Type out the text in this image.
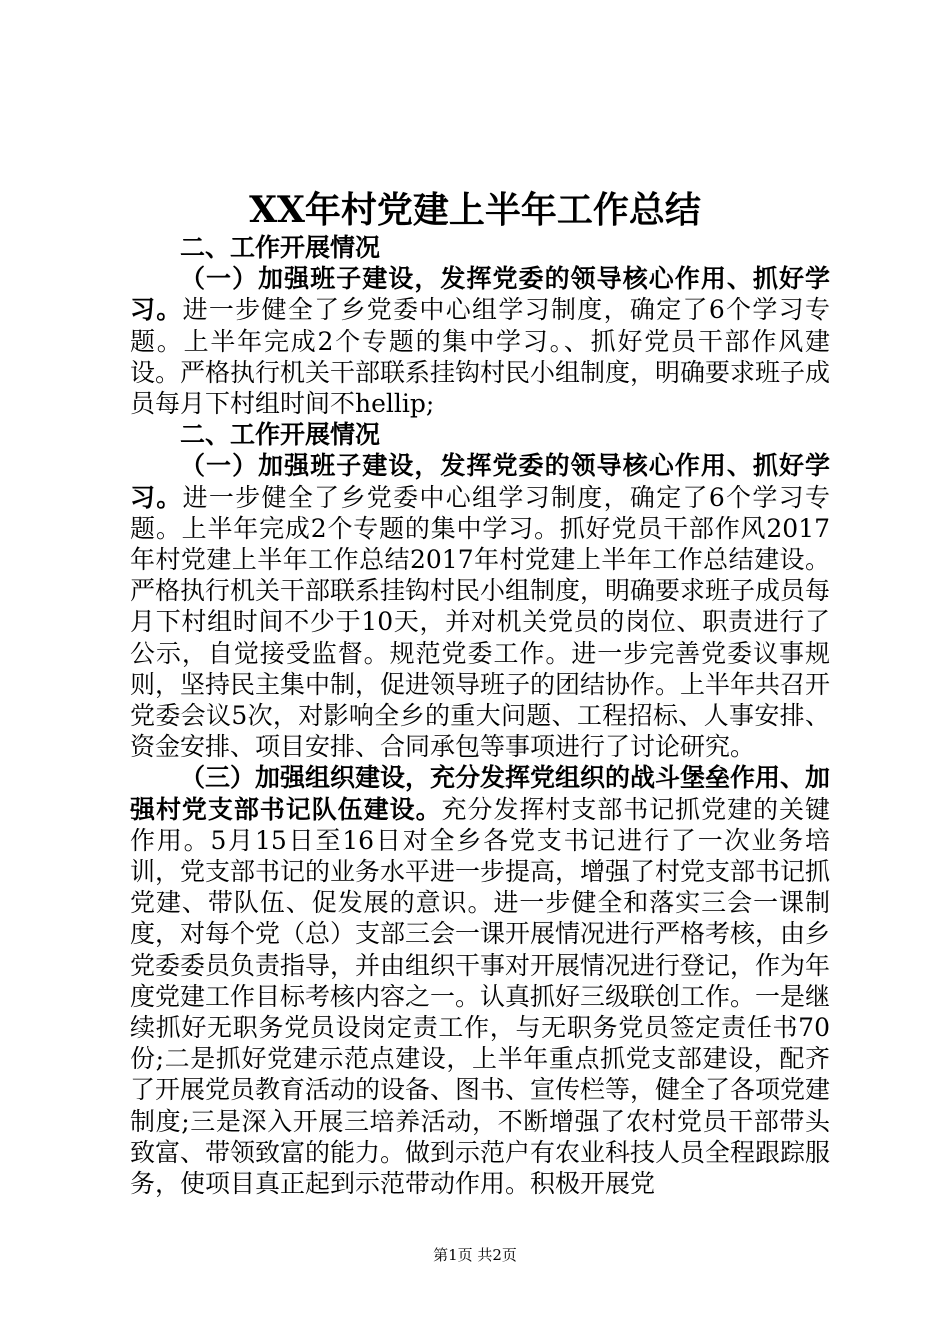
XX年村党建上半年工作总结

二、工作开展情况

（一）加强班子建设，发挥党委的领导核心作用、抓好学习。进一步健全了乡党委中心组学习制度，确定了6个学习专题。上半年完成2个专题的集中学习。、抓好党员干部作风建设。严格执行机关干部联系挂钩村民小组制度，明确要求班子成员每月下村组时间不hellip;

二、工作开展情况

（一）加强班子建设，发挥党委的领导核心作用、抓好学习。进一步健全了乡党委中心组学习制度，确定了6个学习专题。上半年完成2个专题的集中学习。抓好党员干部作风2017年村党建上半年工作总结2017年村党建上半年工作总结建设。严格执行机关干部联系挂钩村民小组制度，明确要求班子成员每月下村组时间不少于10天，并对机关党员的岗位、职责进行了公示，自觉接受监督。规范党委工作。进一步完善党委议事规则，坚持民主集中制，促进领导班子的团结协作。上半年共召开党委会议5次，对影响全乡的重大问题、工程招标、人事安排、资金安排、项目安排、合同承包等事项进行了讨论研究。

（三）加强组织建设，充分发挥党组织的战斗堡垒作用、加强村党支部书记队伍建设。充分发挥村支部书记抓党建的关键作用。5月15日至16日对全乡各党支书记进行了一次业务培训，党支部书记的业务水平进一步提高，增强了村党支部书记抓党建、带队伍、促发展的意识。进一步健全和落实三会一课制度，对每个党（总）支部三会一课开展情况进行严格考核，由乡党委委员负责指导，并由组织干事对开展情况进行登记，作为年度党建工作目标考核内容之一。认真抓好三级联创工作。一是继续抓好无职务党员设岗定责工作，与无职务党员签定责任书70份;二是抓好党建示范点建设，上半年重点抓党支部建设，配齐了开展党员教育活动的设备、图书、宣传栏等，健全了各项党建制度;三是深入开展三培养活动，不断增强了农村党员干部带头致富、带领致富的能力。做到示范户有农业科技人员全程跟踪服务，使项目真正起到示范带动作用。积极开展党

第1页 共2页
